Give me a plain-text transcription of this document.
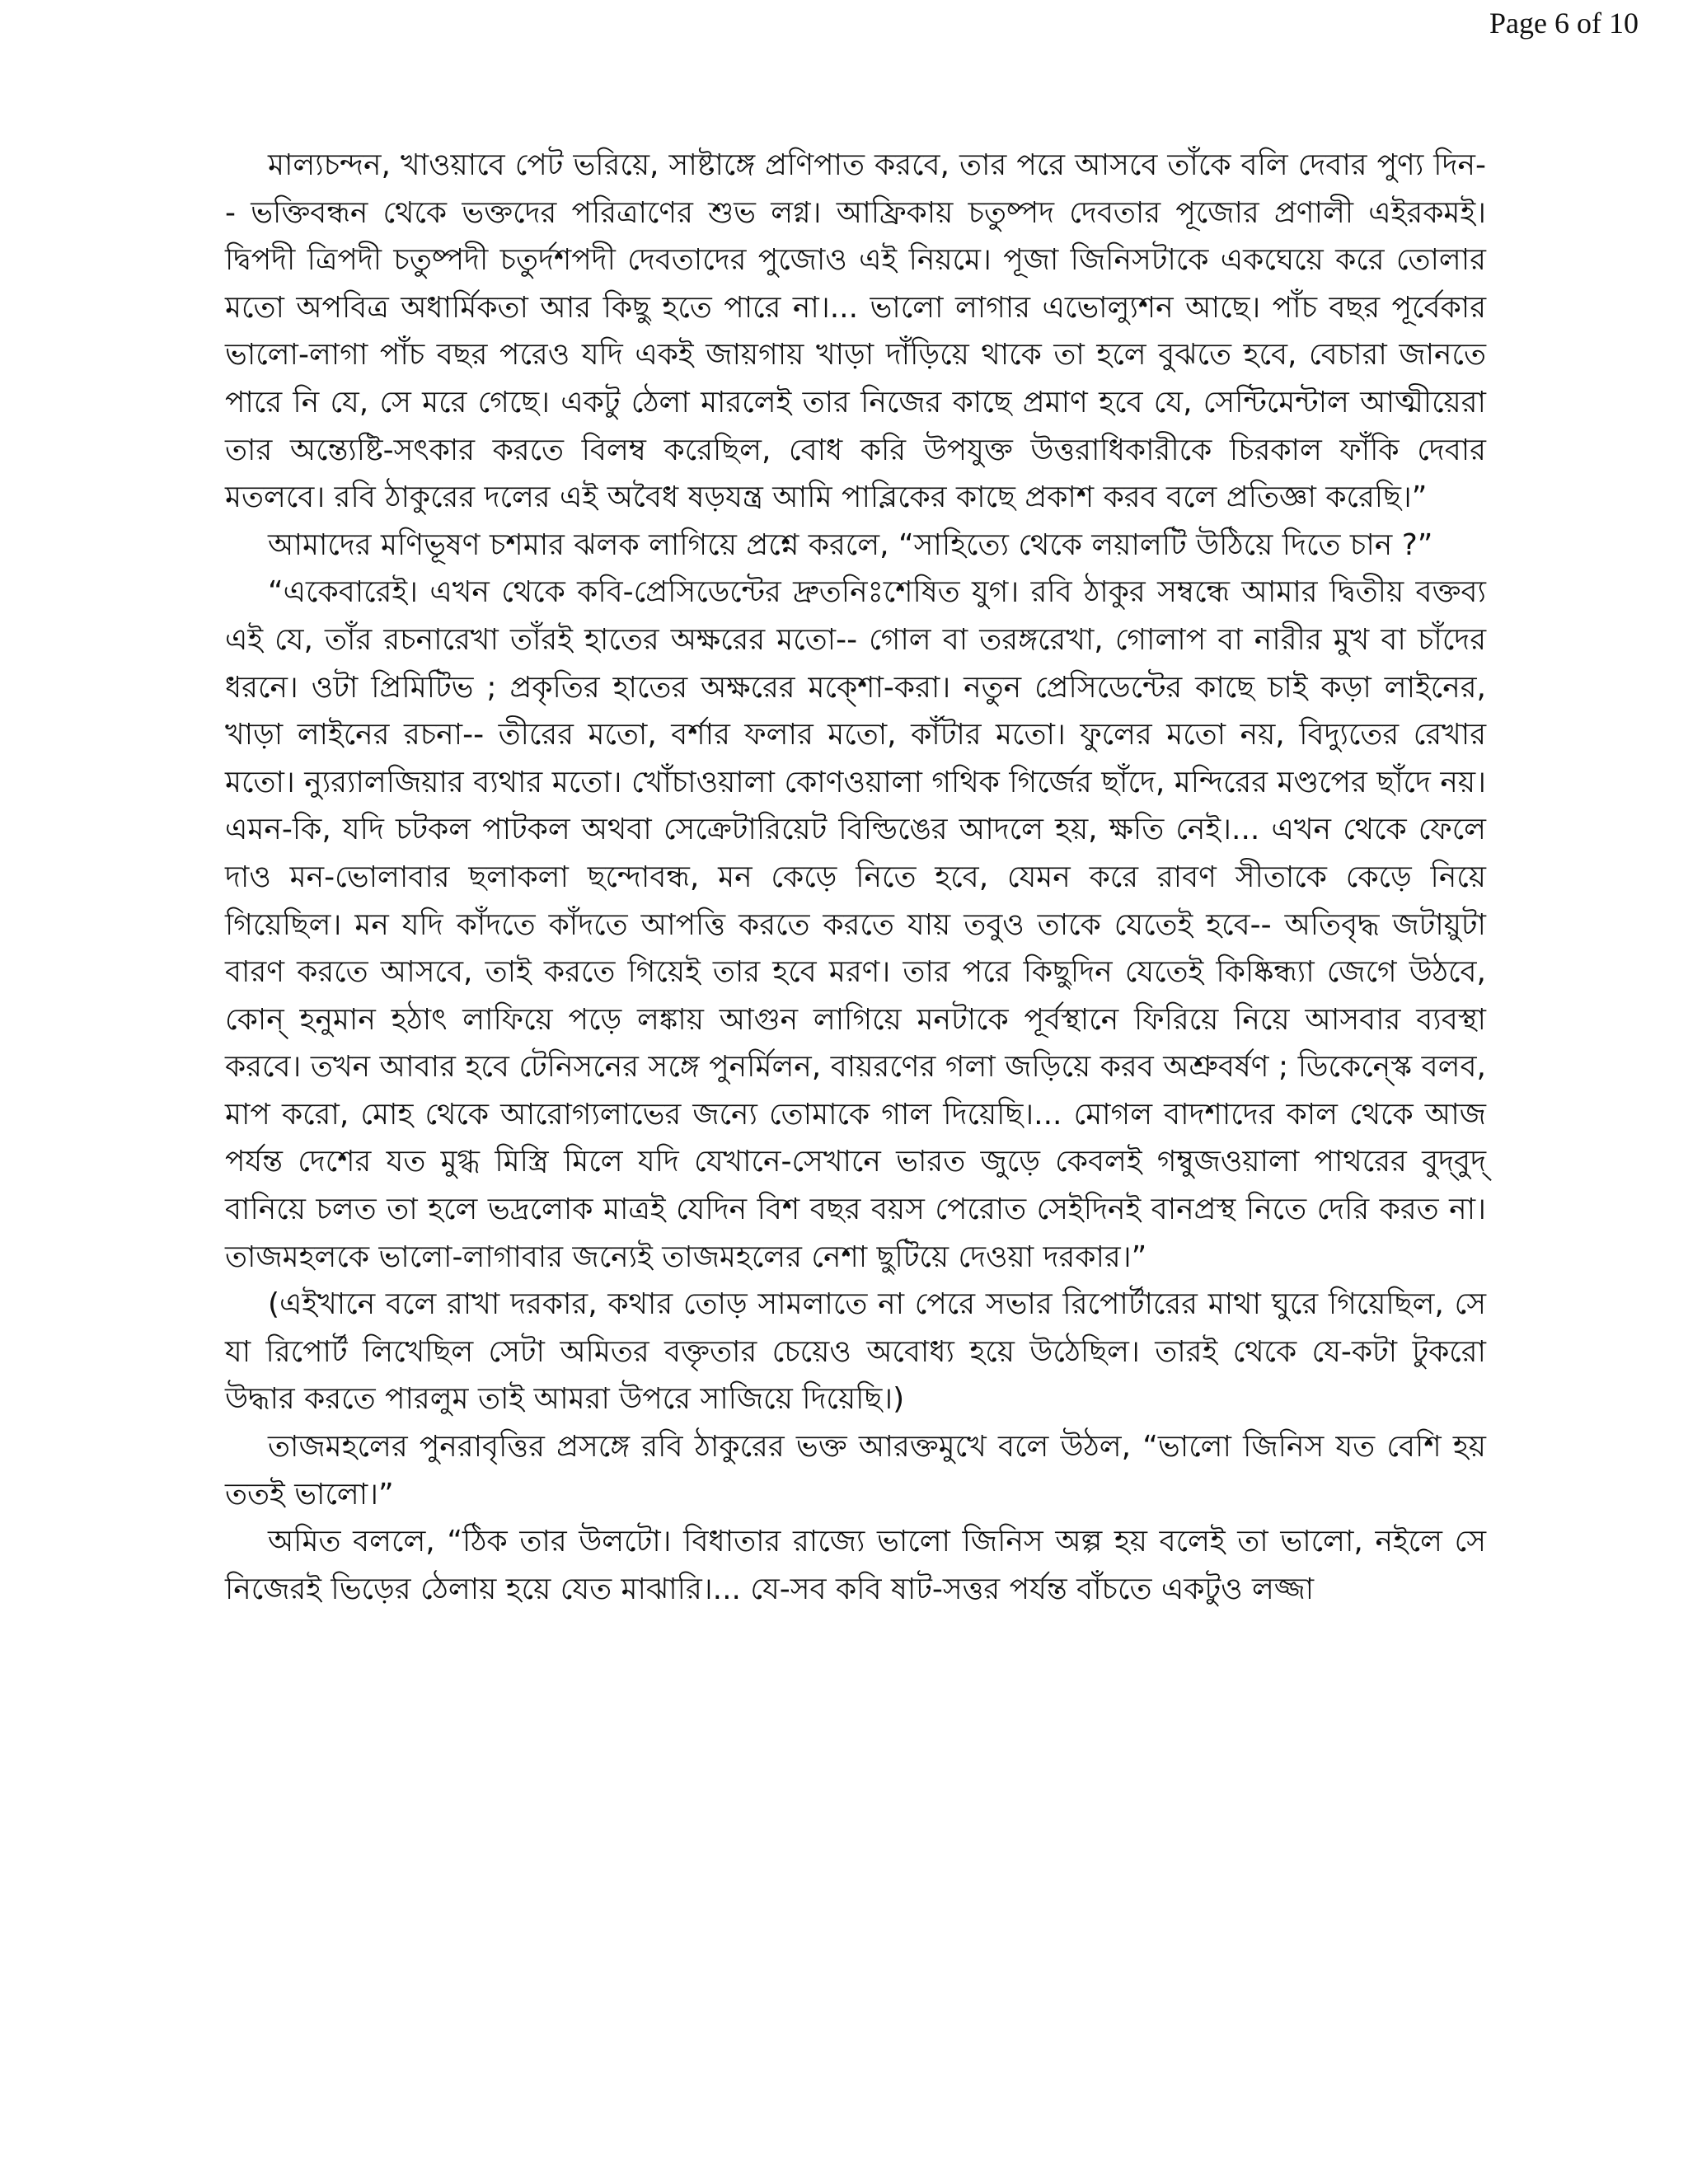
Page 6 of 10

মাল্যচন্দন, খাওয়াবে পেট ভরিয়ে, সাষ্টাঙ্গে প্রণিপাত করবে, তার পরে আসবে তাঁকে বলি দেবার পুণ্য দিন-- ভক্তিবন্ধন থেকে ভক্তদের পরিত্রাণের শুভ লগ্ন। আফ্রিকায় চতুষ্পদ দেবতার পূজোর প্রণালী এইরকমই। দ্বিপদী ত্রিপদী চতুষ্পদী চতুর্দশপদী দেবতাদের পুজোও এই নিয়মে। পূজা জিনিসটাকে একঘেয়ে করে তোলার মতো অপবিত্র অধার্মিকতা আর কিছু হতে পারে না।... ভালো লাগার এভোল্যুশন আছে। পাঁচ বছর পূর্বেকার ভালো-লাগা পাঁচ বছর পরেও যদি একই জায়গায় খাড়া দাঁড়িয়ে থাকে তা হলে বুঝতে হবে, বেচারা জানতে পারে নি যে, সে মরে গেছে। একটু ঠেলা মারলেই তার নিজের কাছে প্রমাণ হবে যে, সেন্টিমেন্টাল আত্মীয়েরা তার অন্ত্যেষ্টি-সৎকার করতে বিলম্ব করেছিল, বোধ করি উপযুক্ত উত্তরাধিকারীকে চিরকাল ফাঁকি দেবার মতলবে। রবি ঠাকুরের দলের এই অবৈধ ষড়যন্ত্র আমি পাব্লিকের কাছে প্রকাশ করব বলে প্রতিজ্ঞা করেছি।”

আমাদের মণিভূষণ চশমার ঝলক লাগিয়ে প্রশ্নে করলে, “সাহিত্যে থেকে লয়ালটি উঠিয়ে দিতে চান ?”

“একেবারেই। এখন থেকে কবি-প্রেসিডেন্টের দ্রুতনিঃশেষিত যুগ। রবি ঠাকুর সম্বন্ধে আমার দ্বিতীয় বক্তব্য এই যে, তাঁর রচনারেখা তাঁরই হাতের অক্ষরের মতো-- গোল বা তরঙ্গরেখা, গোলাপ বা নারীর মুখ বা চাঁদের ধরনে। ওটা প্রিমিটিভ ; প্রকৃতির হাতের অক্ষরের মক্শো-করা। নতুন প্রেসিডেন্টের কাছে চাই কড়া লাইনের, খাড়া লাইনের রচনা-- তীরের মতো, বর্শার ফলার মতো, কাঁটার মতো। ফুলের মতো নয়, বিদ্যুতের রেখার মতো। ন্যুর‍্যালজিয়ার ব্যথার মতো। খোঁচাওয়ালা কোণওয়ালা গথিক গির্জের ছাঁদে, মন্দিরের মণ্ডপের ছাঁদে নয়। এমন-কি, যদি চটকল পাটকল অথবা সেক্রেটারিয়েট বিল্ডিঙের আদলে হয়, ক্ষতি নেই।... এখন থেকে ফেলে দাও মন-ভোলাবার ছলাকলা ছন্দোবন্ধ, মন কেড়ে নিতে হবে, যেমন করে রাবণ সীতাকে কেড়ে নিয়ে গিয়েছিল। মন যদি কাঁদতে কাঁদতে আপত্তি করতে করতে যায় তবুও তাকে যেতেই হবে-- অতিবৃদ্ধ জটায়ুটা বারণ করতে আসবে, তাই করতে গিয়েই তার হবে মরণ। তার পরে কিছুদিন যেতেই কিষ্কিন্ধ্যা জেগে উঠবে, কোন্ হনুমান হঠাৎ লাফিয়ে পড়ে লঙ্কায় আগুন লাগিয়ে মনটাকে পূর্বস্থানে ফিরিয়ে নিয়ে আসবার ব্যবস্থা করবে। তখন আবার হবে টেনিসনের সঙ্গে পুনর্মিলন, বায়রণের গলা জড়িয়ে করব অশ্রুবর্ষণ ; ডিকেন্স্কে বলব, মাপ করো, মোহ থেকে আরোগ্যলাভের জন্যে তোমাকে গাল দিয়েছি।... মোগল বাদশাদের কাল থেকে আজ পর্যন্ত দেশের যত মুগ্ধ মিস্ত্রি মিলে যদি যেখানে-সেখানে ভারত জুড়ে কেবলই গম্বুজওয়ালা পাথরের বুদ্‌বুদ্ বানিয়ে চলত তা হলে ভদ্রলোক মাত্রই যেদিন বিশ বছর বয়স পেরোত সেইদিনই বানপ্রস্থ নিতে দেরি করত না। তাজমহলকে ভালো-লাগাবার জন্যেই তাজমহলের নেশা ছুটিয়ে দেওয়া দরকার।”

(এইখানে বলে রাখা দরকার, কথার তোড় সামলাতে না পেরে সভার রিপোর্টারের মাথা ঘুরে গিয়েছিল, সে যা রিপোর্ট লিখেছিল সেটা অমিতর বক্তৃতার চেয়েও অবোধ্য হয়ে উঠেছিল। তারই থেকে যে-কটা টুকরো উদ্ধার করতে পারলুম তাই আমরা উপরে সাজিয়ে দিয়েছি।)

তাজমহলের পুনরাবৃত্তির প্রসঙ্গে রবি ঠাকুরের ভক্ত আরক্তমুখে বলে উঠল, “ভালো জিনিস যত বেশি হয় ততই ভালো।”

অমিত বললে, “ঠিক তার উলটো। বিধাতার রাজ্যে ভালো জিনিস অল্প হয় বলেই তা ভালো, নইলে সে নিজেরই ভিড়ের ঠেলায় হয়ে যেত মাঝারি।... যে-সব কবি ষাট-সত্তর পর্যন্ত বাঁচতে একটুও লজ্জা
